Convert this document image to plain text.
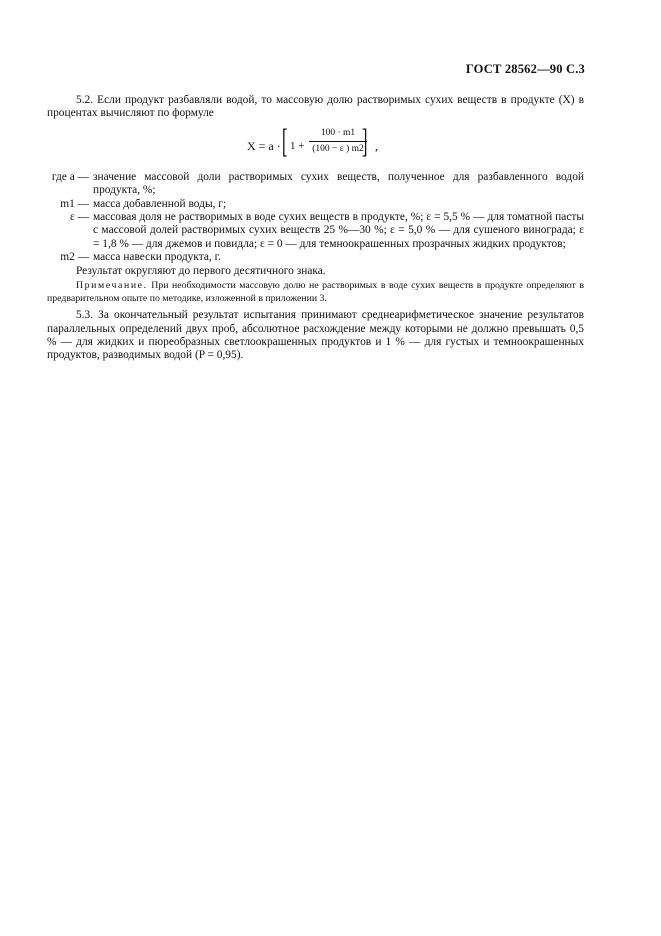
ГОСТ 28562—90 С.3

5.2. Если продукт разбавляли водой, то массовую долю растворимых сухих веществ в продукте (X) в процентах вычисляют по формуле

X = a · [ $1 + \frac{100 \cdot m1}{(100 - \varepsilon ) m2}$
] ,
где a — значение массовой доли растворимых сухих веществ, полученное для разбавленного водой продукта, %;
m1 — масса добавленной воды, г;
ε — массовая доля не растворимых в воде сухих веществ в продукте, %; ε = 5,5 % — для томатной пасты с массовой долей растворимых сухих веществ 25 %—30 %; ε = 5,0 % — для сушеного винограда; ε = 1,8 % — для джемов и повидла; ε = 0 — для темноокрашенных прозрачных жидких продуктов;
m2 — масса навески продукта, г.

Результат округляют до первого десятичного знака.

Примечание. При необходимости массовую долю не растворимых в воде сухих веществ в продукте определяют в предварительном опыте по методике, изложенной в приложении 3.

5.3. За окончательный результат испытания принимают среднеарифметическое значение результатов параллельных определений двух проб, абсолютное расхождение между которыми не должно превышать 0,5 % — для жидких и пюреобразных светлоокрашенных продуктов и 1 % — для густых и темноокрашенных продуктов, разводимых водой (P = 0,95).
